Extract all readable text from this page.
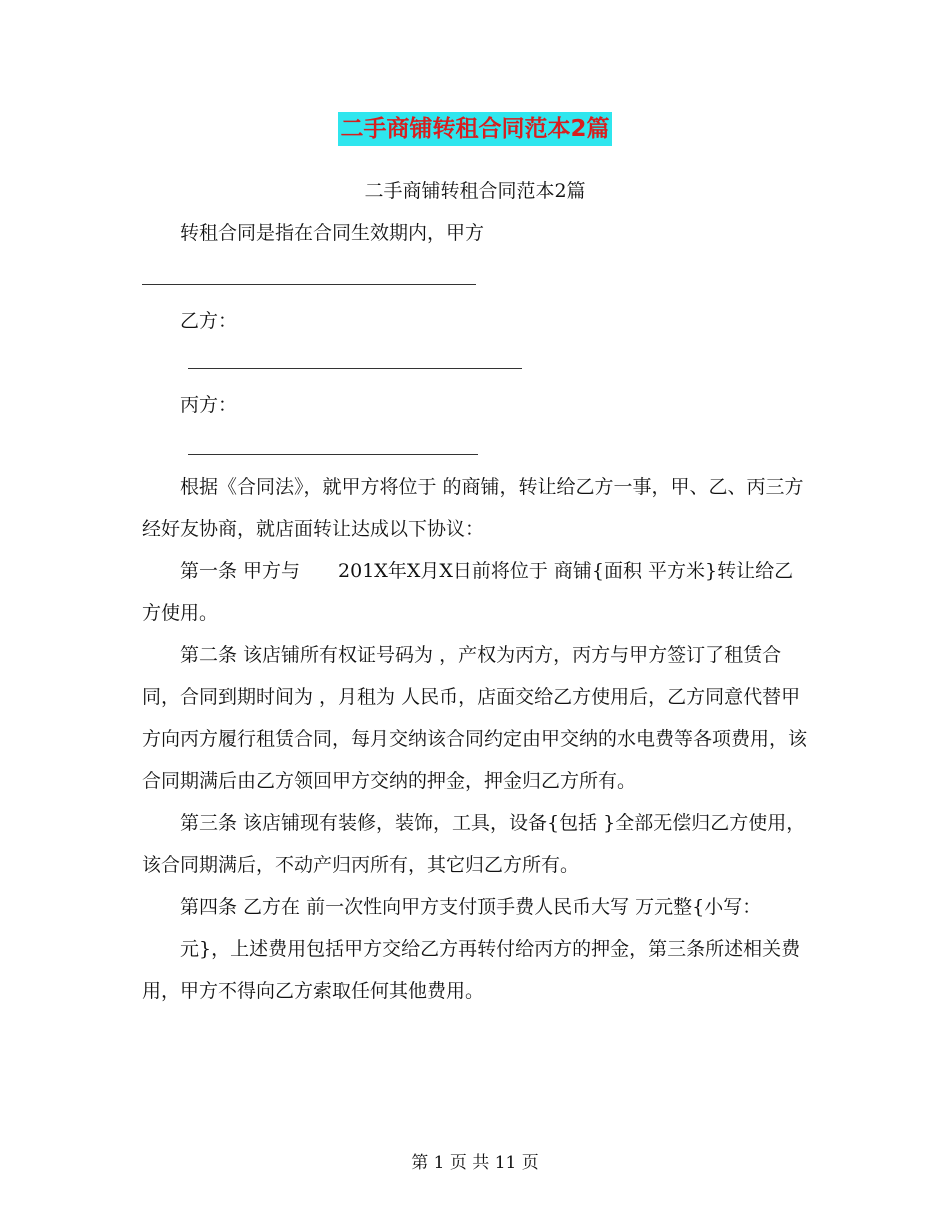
二手商铺转租合同范本2篇
二手商铺转租合同范本2篇

转租合同是指在合同生效期内，甲方

乙方：

丙方：

根据《合同法》，就甲方将位于 的商铺，转让给乙方一事，甲、乙、丙三方经好友协商，就店面转让达成以下协议：

第一条 甲方与　　201X年X月X日前将位于 商铺{面积 平方米}转让给乙方使用。

第二条 该店铺所有权证号码为 ，产权为丙方，丙方与甲方签订了租赁合同，合同到期时间为 ，月租为 人民币，店面交给乙方使用后，乙方同意代替甲方向丙方履行租赁合同，每月交纳该合同约定由甲交纳的水电费等各项费用，该合同期满后由乙方领回甲方交纳的押金，押金归乙方所有。

第三条 该店铺现有装修，装饰，工具，设备{包括 }全部无偿归乙方使用，该合同期满后，不动产归丙所有，其它归乙方所有。

第四条 乙方在 前一次性向甲方支付顶手费人民币大写 万元整{小写：

元}，上述费用包括甲方交给乙方再转付给丙方的押金，第三条所述相关费用，甲方不得向乙方索取任何其他费用。

第 1 页 共 11 页
